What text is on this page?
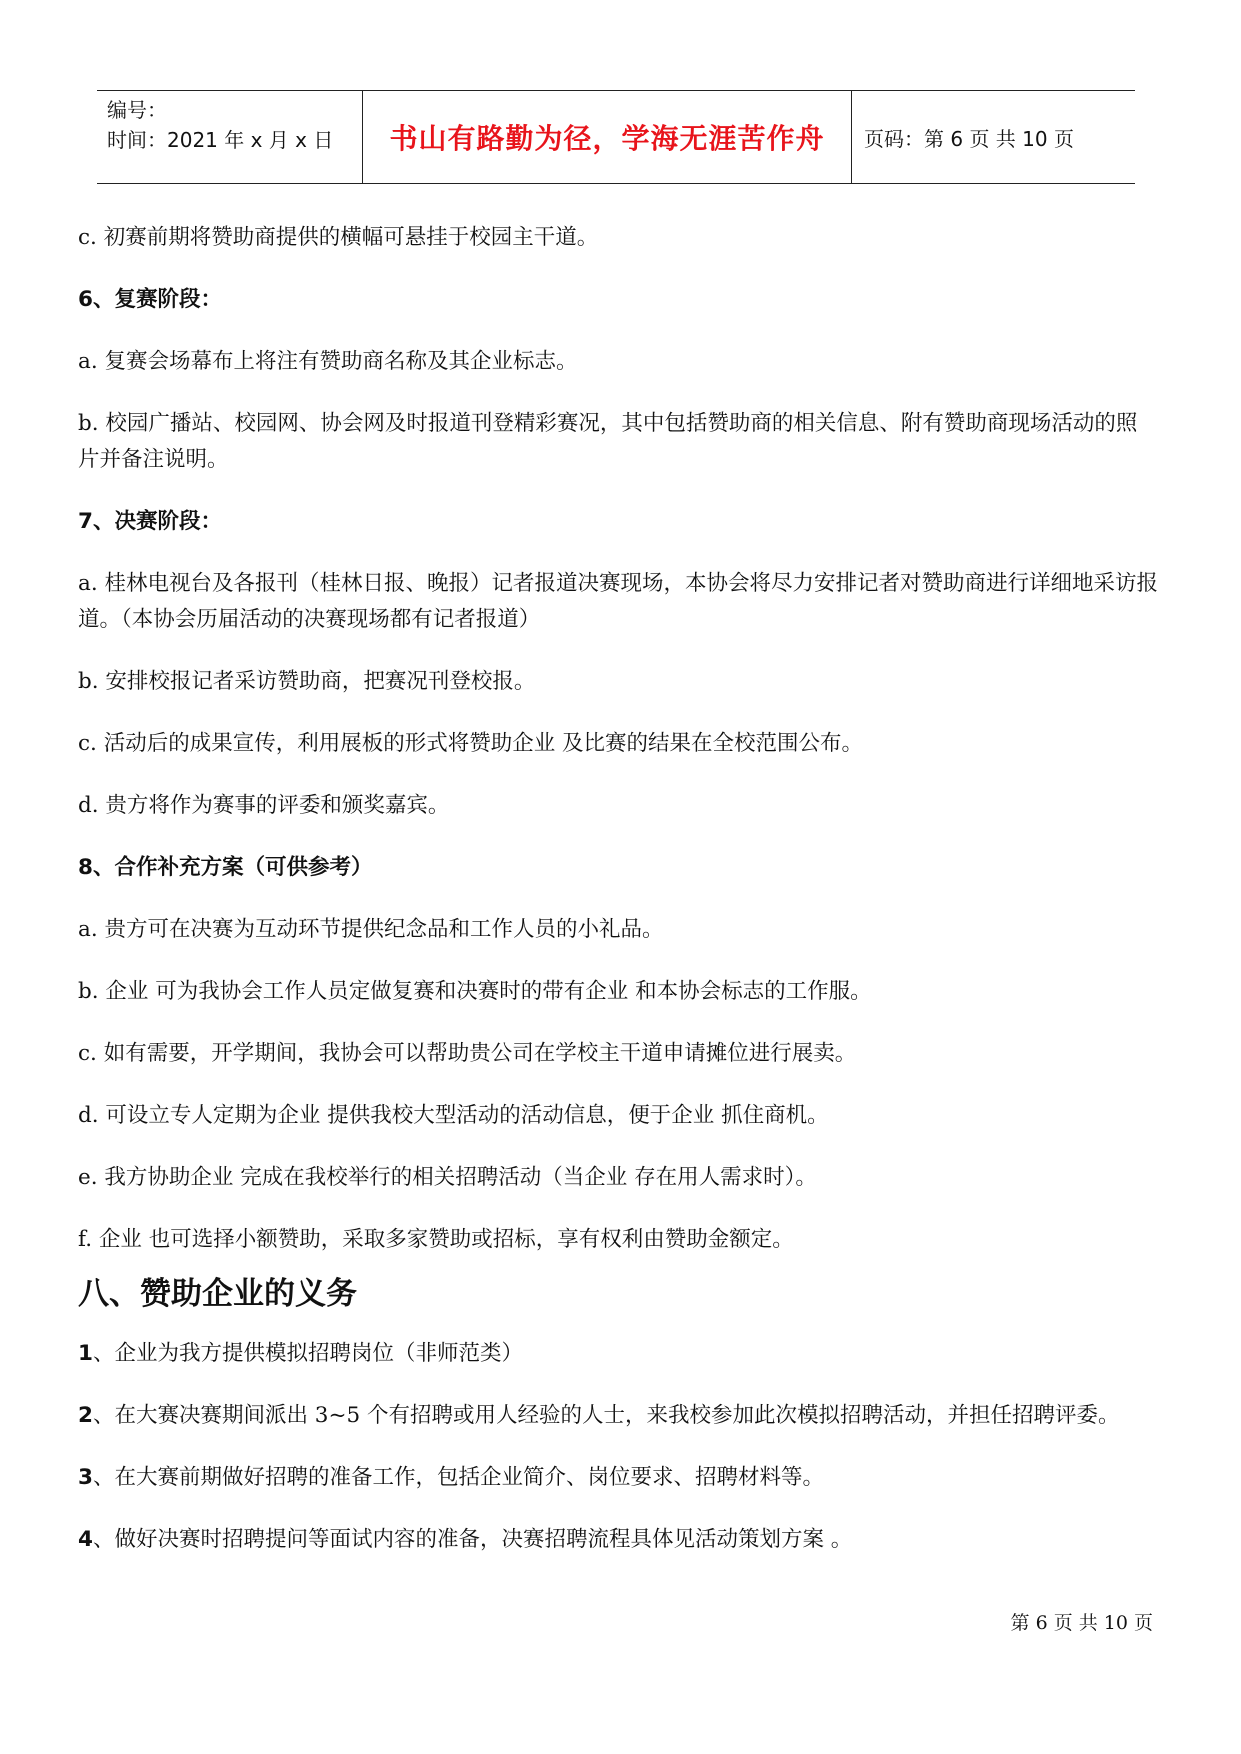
编号：
时间：2021 年 x 月 x 日	书山有路勤为径，学海无涯苦作舟	页码：第 6 页 共 10 页

c. 初赛前期将赞助商提供的横幅可悬挂于校园主干道。

6、复赛阶段：

a. 复赛会场幕布上将注有赞助商名称及其企业标志。

b. 校园广播站、校园网、协会网及时报道刊登精彩赛况，其中包括赞助商的相关信息、附有赞助商现场活动的照片并备注说明。

7、决赛阶段：

a. 桂林电视台及各报刊（桂林日报、晚报）记者报道决赛现场，本协会将尽力安排记者对赞助商进行详细地采访报道。（本协会历届活动的决赛现场都有记者报道）

b. 安排校报记者采访赞助商，把赛况刊登校报。

c. 活动后的成果宣传，利用展板的形式将赞助企业 及比赛的结果在全校范围公布。

d. 贵方将作为赛事的评委和颁奖嘉宾。

8、合作补充方案（可供参考）

a. 贵方可在决赛为互动环节提供纪念品和工作人员的小礼品。

b. 企业 可为我协会工作人员定做复赛和决赛时的带有企业 和本协会标志的工作服。

c. 如有需要，开学期间，我协会可以帮助贵公司在学校主干道申请摊位进行展卖。

d. 可设立专人定期为企业 提供我校大型活动的活动信息，便于企业 抓住商机。

e. 我方协助企业 完成在我校举行的相关招聘活动（当企业 存在用人需求时）。

f. 企业 也可选择小额赞助，采取多家赞助或招标，享有权利由赞助金额定。

八、赞助企业的义务

1、企业为我方提供模拟招聘岗位（非师范类）

2、在大赛决赛期间派出 3~5 个有招聘或用人经验的人士，来我校参加此次模拟招聘活动，并担任招聘评委。

3、在大赛前期做好招聘的准备工作，包括企业简介、岗位要求、招聘材料等。

4、做好决赛时招聘提问等面试内容的准备，决赛招聘流程具体见活动策划方案 。

第 6 页 共 10 页
